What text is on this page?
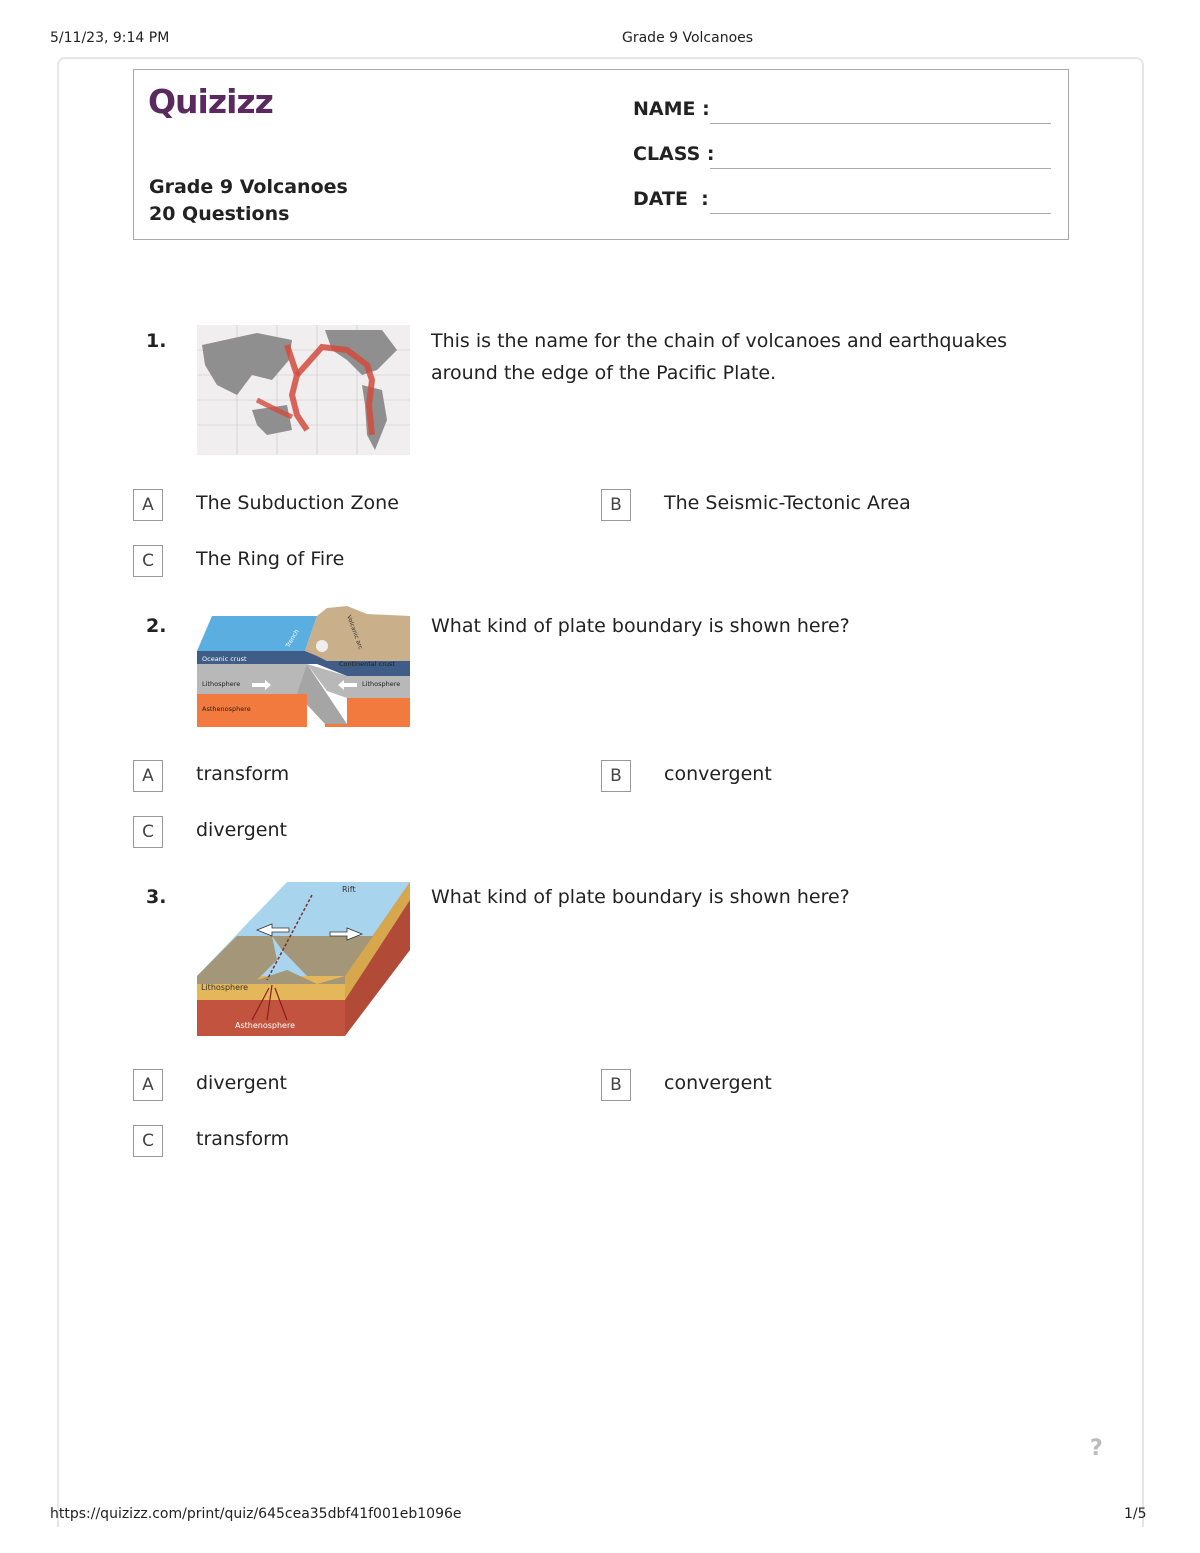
5/11/23, 9:14 PM	Grade 9 Volcanoes
Quizizz
Grade 9 Volcanoes
20 Questions
NAME :
CLASS :
DATE  :
1.	This is the name for the chain of volcanoes and earthquakes around the edge of the Pacific Plate.
A	The Subduction Zone	B	The Seismic-Tectonic Area
C	The Ring of Fire
2.
Oceanic crust
Continental crust
Lithosphere	Lithosphere
Asthenosphere
Trench	Volcanic arc	What kind of plate boundary is shown here?
A	transform	B	convergent
C	divergent
3.	Rift
Lithosphere
Asthenosphere
What kind of plate boundary is shown here?
A	divergent	B	convergent
C	transform
?
https://quizizz.com/print/quiz/645cea35dbf41f001eb1096e	1/5
